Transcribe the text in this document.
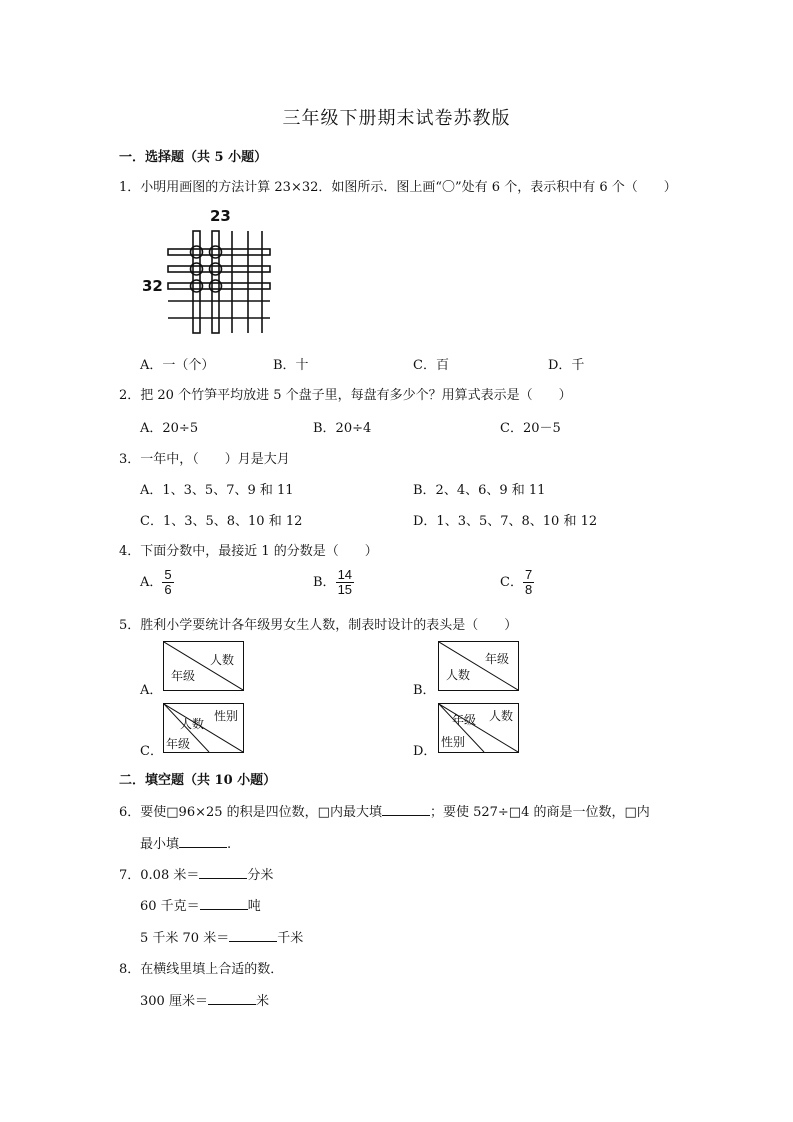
三年级下册期末试卷苏教版
一．选择题（共 5 小题）
1．小明用画图的方法计算 23×32．如图所示．图上画“〇”处有 6 个，表示积中有 6 个（　　）
23
32
A．一（个）	B．十	C．百	D．千
2．把 20 个竹笋平均放进 5 个盘子里，每盘有多少个？用算式表示是（　　）
A．20÷5	B．20÷4	C．20－5
3．一年中，（　　）月是大月
A．1、3、5、7、9 和 11	B．2、4、6、9 和 11
C．1、3、5、8、10 和 12	D．1、3、5、7、8、10 和 12
4．下面分数中，最接近 1 的分数是（　　）
A． $\frac{5}{6}$	B． $\frac{14}{15}$	C． $\frac{7}{8}$
5．胜利小学要统计各年级男女生人数，制表时设计的表头是（　　）
A．
人数
年级
B．
年级
人数
C．
性别
人数
年级	D．
人数
年级
性别
二．填空题（共 10 小题）
6．要使□96×25 的积是四位数，□内最大填	；要使 527÷□4 的商是一位数，□内
最小填	.
7．0.08 米＝	分米
60 千克＝	吨
5 千米 70 米＝	千米
8．在横线里填上合适的数．
300 厘米＝	米
